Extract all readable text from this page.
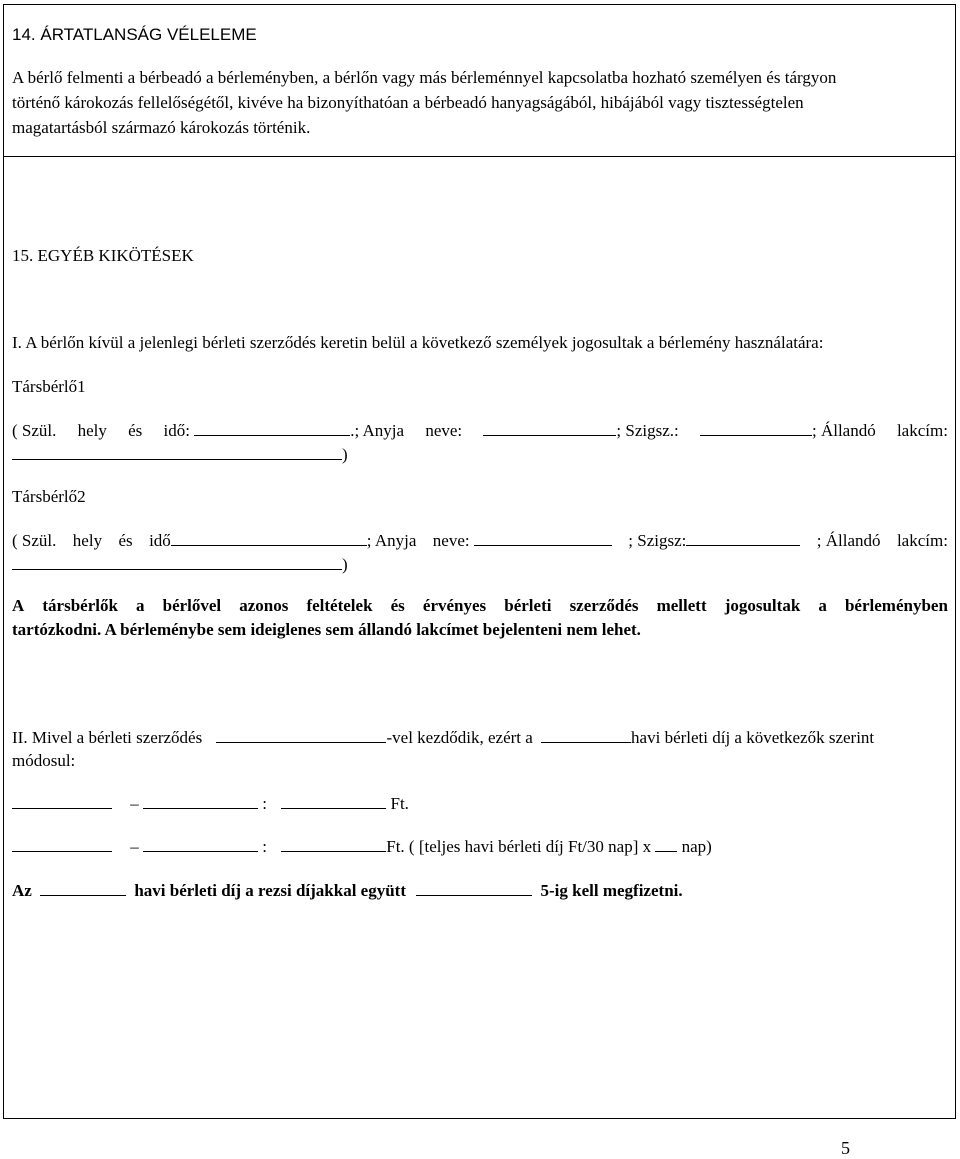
14. ÁRTATLANSÁG VÉLELEME
A bérlő felmenti a bérbeadó a bérleményben, a bérlőn vagy más bérleménnyel kapcsolatba hozható személyen és tárgyon
történő károkozás fellelőségétől, kivéve ha bizonyíthatóan a bérbeadó hanyagságából, hibájából vagy tisztességtelen
magatartásból származó károkozás történik.
15. EGYÉB KIKÖTÉSEK
I. A bérlőn kívül a jelenlegi bérleti szerződés keretin belül a következő személyek jogosultak a bérlemény használatára:
Társbérlő1
( Szül. hely és idő:	.; Anyja neve:	; Szigsz.:	; Állandó lakcím:
)
Társbérlő2
( Szül. hely és idő	; Anyja neve:	; Szigsz:	; Állandó lakcím:
)
A társbérlők a bérlővel azonos feltételek és érvényes bérleti szerződés mellett jogosultak a bérleményben
tartózkodni. A bérleménybe sem ideiglenes sem állandó lakcímet bejelenteni nem lehet.
II. Mivel a bérleti szerződés	-vel kezdődik, ezért a	havi bérleti díj a következők szerint
módosul:
–	:	Ft.
–	:	Ft. ( [teljes havi bérleti díj Ft/30 nap] x nap)
Az	havi bérleti díj a rezsi díjakkal együtt	5-ig kell megfizetni.
5
